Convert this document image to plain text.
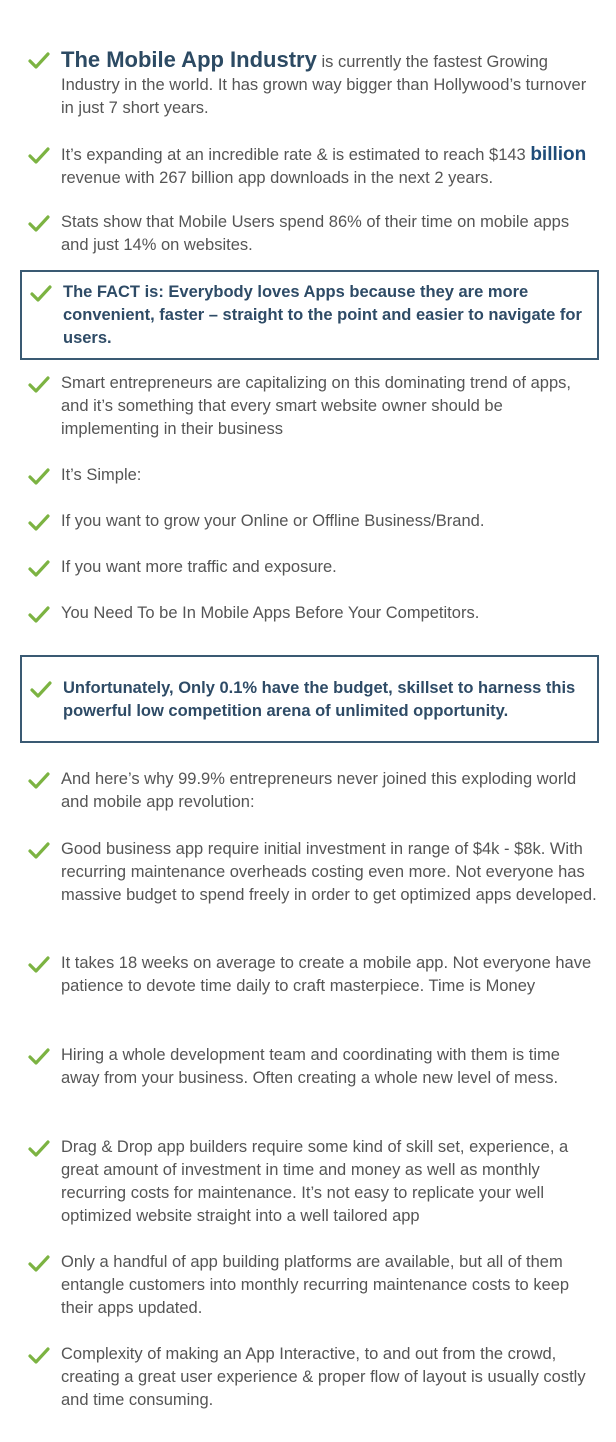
The Mobile App Industry is currently the fastest Growing Industry in the world. It has grown way bigger than Hollywood’s turnover in just 7 short years.
It’s expanding at an incredible rate & is estimated to reach $143 billion revenue with 267 billion app downloads in the next 2 years.
Stats show that Mobile Users spend 86% of their time on mobile apps and just 14% on websites.
The FACT is: Everybody loves Apps because they are more convenient, faster – straight to the point and easier to navigate for users.
Smart entrepreneurs are capitalizing on this dominating trend of apps, and it’s something that every smart website owner should be implementing in their business
It’s Simple:
If you want to grow your Online or Offline Business/Brand.
If you want more traffic and exposure.
You Need To be In Mobile Apps Before Your Competitors.
Unfortunately, Only 0.1% have the budget, skillset to harness this powerful low competition arena of unlimited opportunity.
And here’s why 99.9% entrepreneurs never joined this exploding world and mobile app revolution:
Good business app require initial investment in range of $4k - $8k. With recurring maintenance overheads costing even more. Not everyone has massive budget to spend freely in order to get optimized apps developed.
It takes 18 weeks on average to create a mobile app. Not everyone have patience to devote time daily to craft masterpiece. Time is Money
Hiring a whole development team and coordinating with them is time away from your business. Often creating a whole new level of mess.
Drag & Drop app builders require some kind of skill set, experience, a great amount of investment in time and money as well as monthly recurring costs for maintenance. It’s not easy to replicate your well optimized website straight into a well tailored app
Only a handful of app building platforms are available, but all of them entangle customers into monthly recurring maintenance costs to keep their apps updated.
Complexity of making an App Interactive, to and out from the crowd, creating a great user experience & proper flow of layout is usually costly and time consuming.
